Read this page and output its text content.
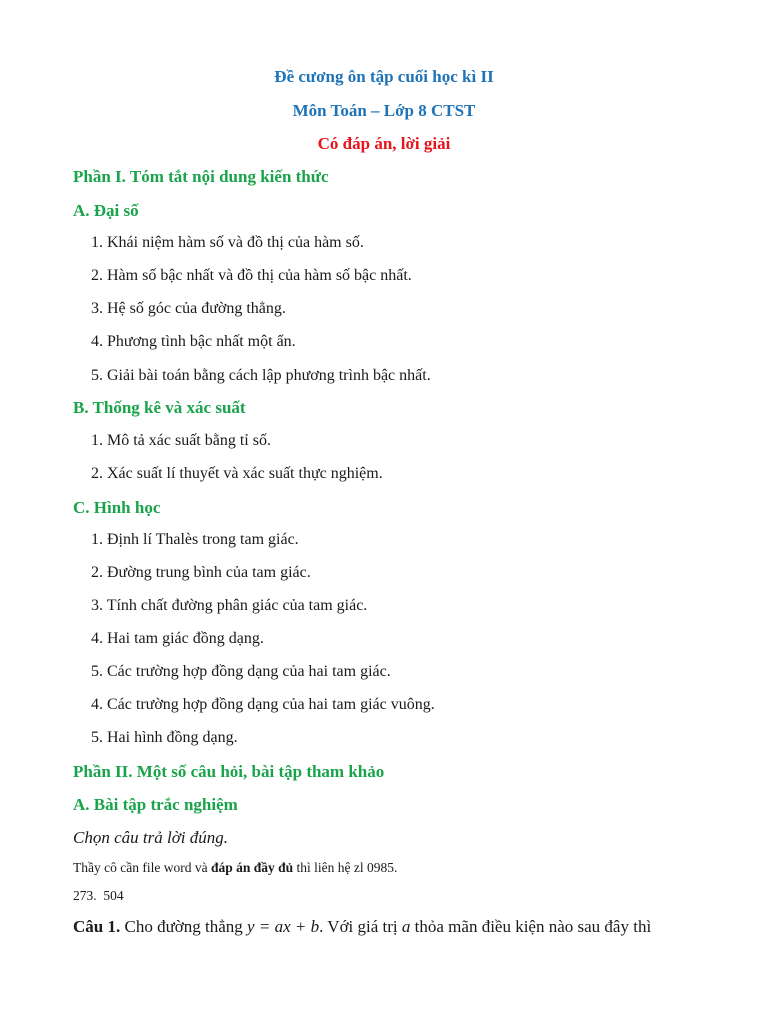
Đề cương ôn tập cuối học kì II
Môn Toán – Lớp 8 CTST
Có đáp án, lời giải
Phần I. Tóm tắt nội dung kiến thức
A. Đại số
1. Khái niệm hàm số và đồ thị của hàm số.
2. Hàm số bậc nhất và đồ thị của hàm số bậc nhất.
3. Hệ số góc của đường thẳng.
4. Phương tình bậc nhất một ẩn.
5. Giải bài toán bằng cách lập phương trình bậc nhất.
B. Thống kê và xác suất
1. Mô tả xác suất bằng tỉ số.
2. Xác suất lí thuyết và xác suất thực nghiệm.
C. Hình học
1. Định lí Thalès trong tam giác.
2. Đường trung bình của tam giác.
3. Tính chất đường phân giác của tam giác.
4. Hai tam giác đồng dạng.
5. Các trường hợp đồng dạng của hai tam giác.
4. Các trường hợp đồng dạng của hai tam giác vuông.
5. Hai hình đồng dạng.
Phần II. Một số câu hỏi, bài tập tham khảo
A. Bài tập trắc nghiệm
Chọn câu trả lời đúng.
Thầy cô cần file word và đáp án đầy đủ thì liên hệ zl 0985.
273.  504
Câu 1. Cho đường thẳng y = ax + b. Với giá trị a thỏa mãn điều kiện nào sau đây thì
